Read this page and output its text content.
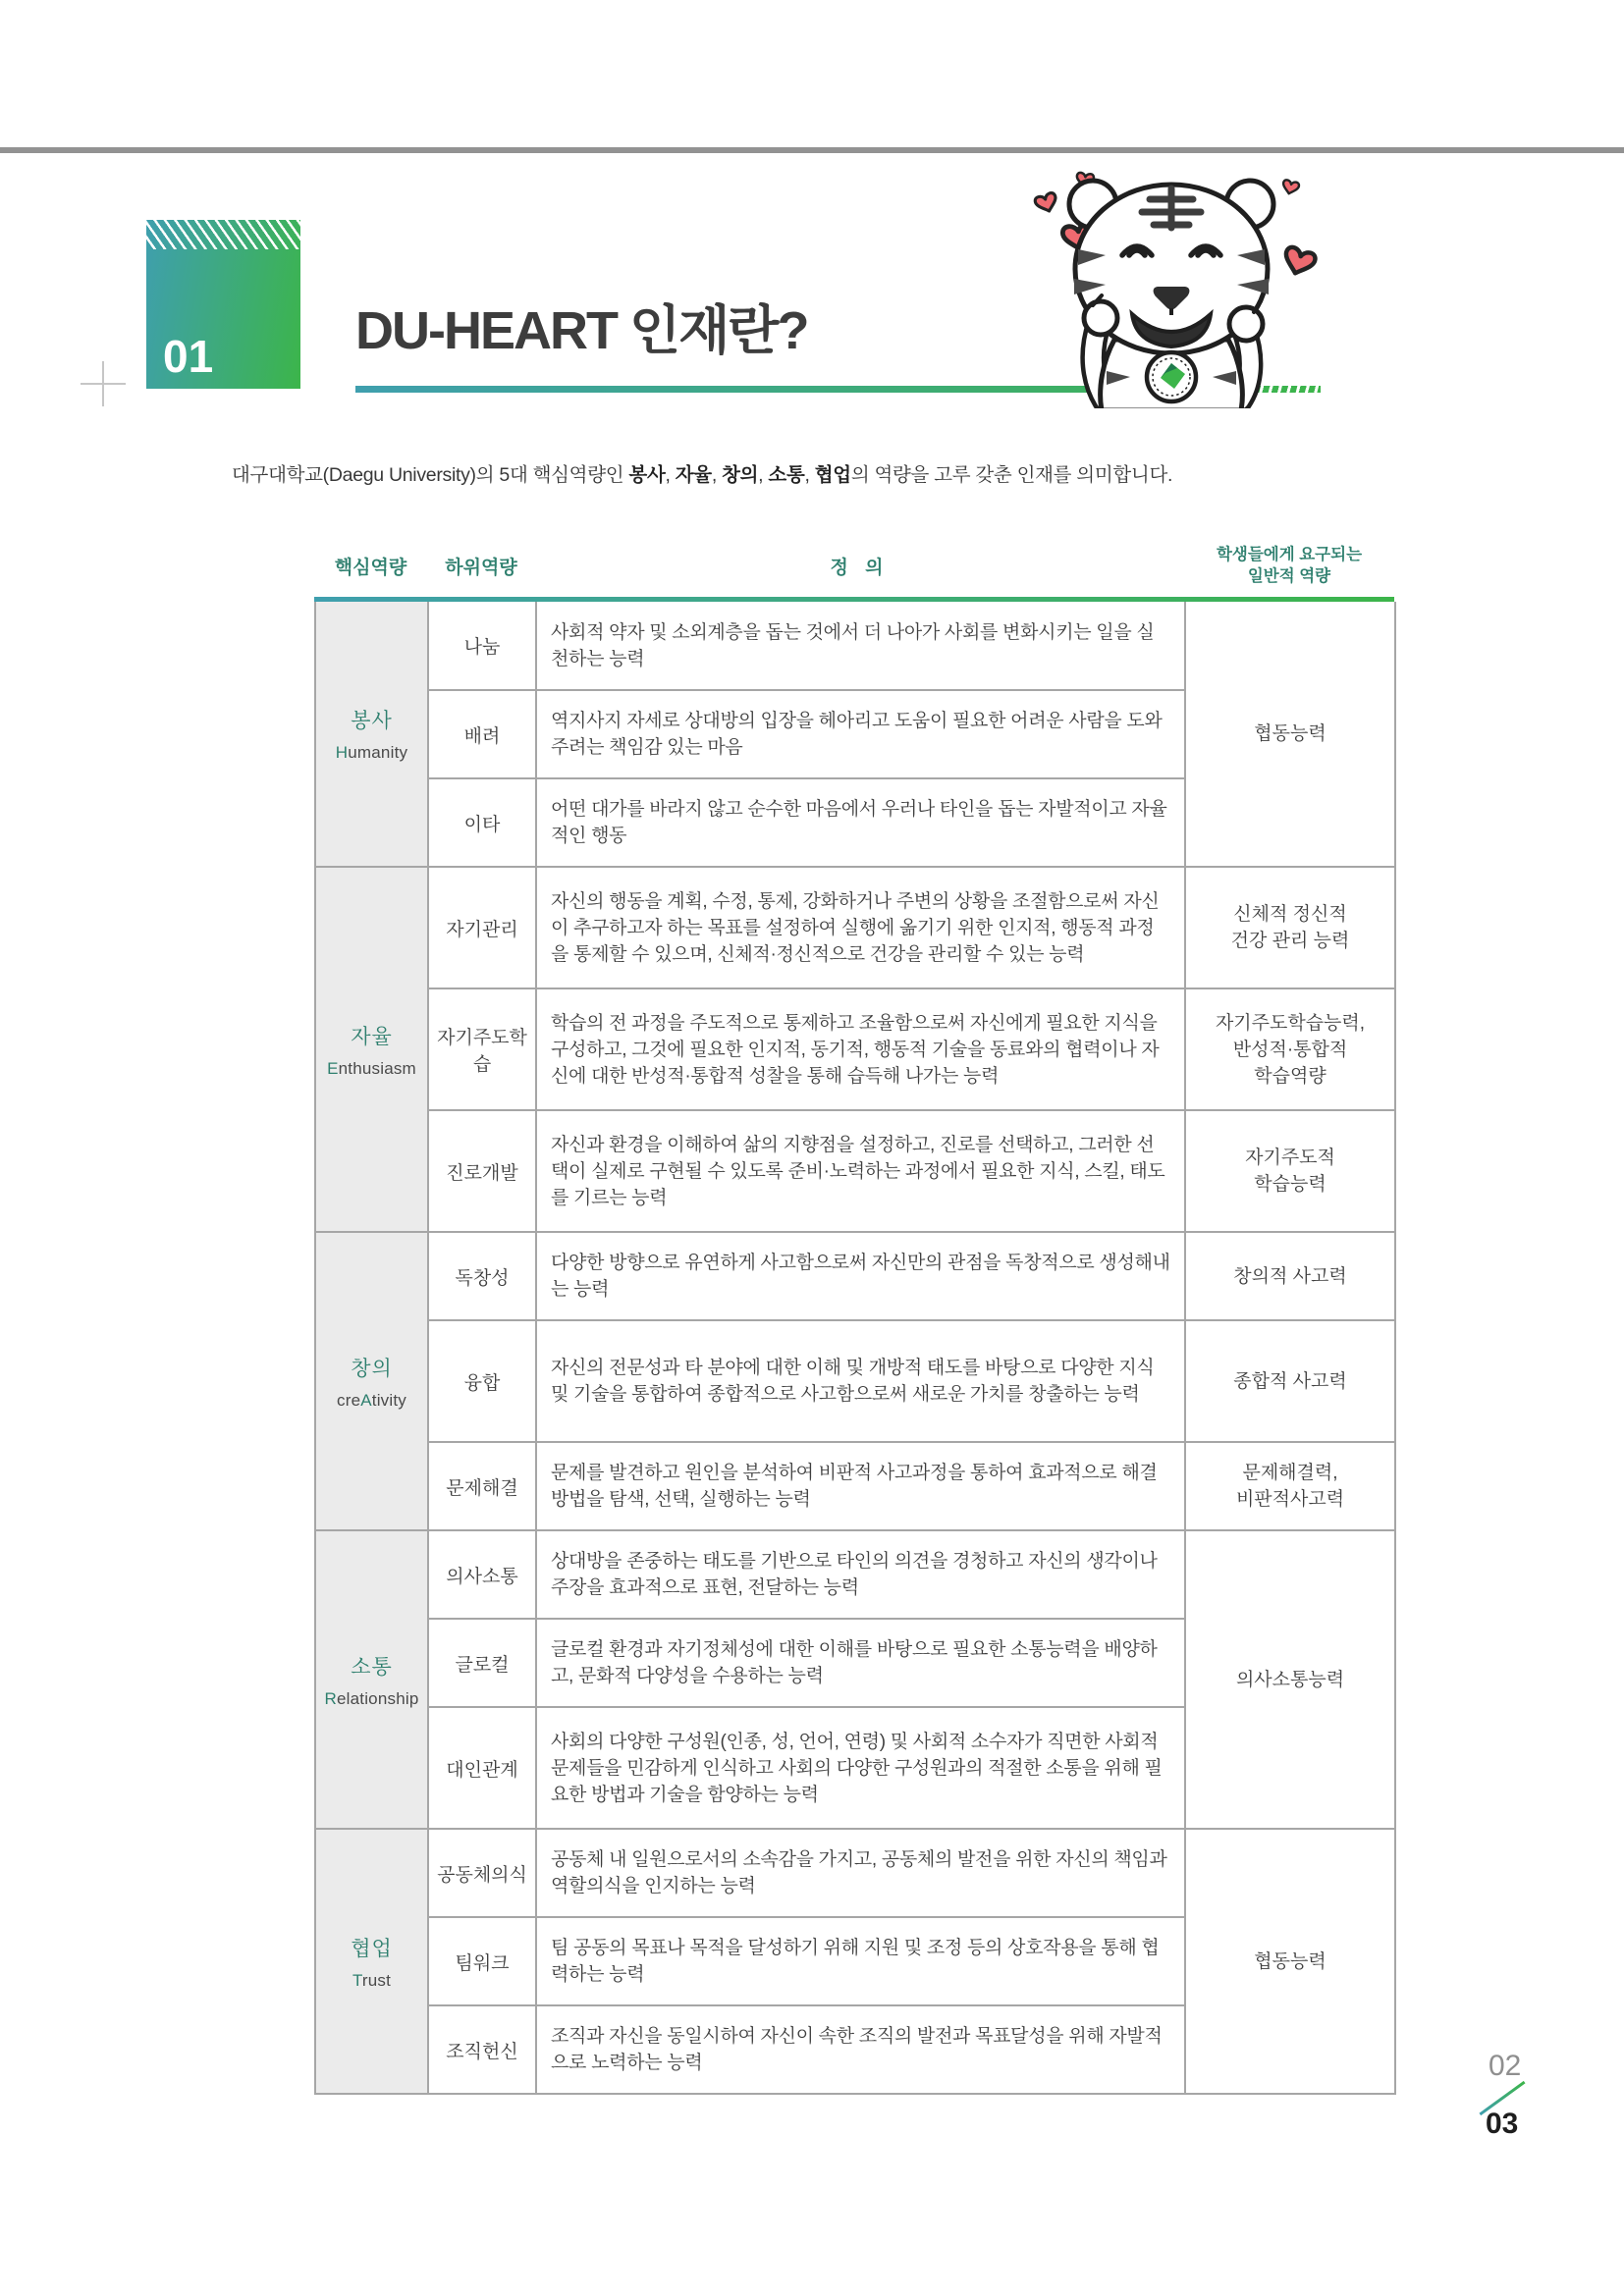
01	DU-HEART 인재란?
대구대학교(Daegu University)의 5대 핵심역량인 봉사, 자율, 창의, 소통, 협업의 역량을 고루 갖춘 인재를 의미합니다.
핵심역량	하위역량	정 의
학생들에게 요구되는
일반적 역량
봉사
Humanity	나눔	사회적 약자 및 소외계층을 돕는 것에서 더 나아가 사회를 변화시키는 일을 실천하는 능력	협동능력
	배려	역지사지 자세로 상대방의 입장을 헤아리고 도움이 필요한 어려운 사람을 도와주려는 책임감 있는 마음	
	이타	어떤 대가를 바라지 않고 순수한 마음에서 우러나 타인을 돕는 자발적이고 자율적인 행동	

자율
Enthusiasm
	자기관리	자신의 행동을 계획, 수정, 통제, 강화하거나 주변의 상황을 조절함으로써 자신이 추구하고자 하는 목표를 설정하여 실행에 옮기기 위한 인지적, 행동적 과정을 통제할 수 있으며, 신체적·정신적으로 건강을 관리할 수 있는 능력	신체적 정신적
건강 관리 능력
	자기주도학습	학습의 전 과정을 주도적으로 통제하고 조율함으로써 자신에게 필요한 지식을 구성하고, 그것에 필요한 인지적, 동기적, 행동적 기술을 동료와의 협력이나 자신에 대한 반성적·통합적 성찰을 통해 습득해 나가는 능력	자기주도학습능력,
반성적·통합적
학습역량
	진로개발	자신과 환경을 이해하여 삶의 지향점을 설정하고, 진로를 선택하고, 그러한 선택이 실제로 구현될 수 있도록 준비·노력하는 과정에서 필요한 지식, 스킬, 태도를 기르는 능력	자기주도적
학습능력

창의
creAtivity	독창성	다양한 방향으로 유연하게 사고함으로써 자신만의 관점을 독창적으로 생성해내는 능력	창의적 사고력
	융합	자신의 전문성과 타 분야에 대한 이해 및 개방적 태도를 바탕으로 다양한 지식 및 기술을 통합하여 종합적으로 사고함으로써 새로운 가치를 창출하는 능력	종합적 사고력
	문제해결	문제를 발견하고 원인을 분석하여 비판적 사고과정을 통하여 효과적으로 해결방법을 탐색, 선택, 실행하는 능력	문제해결력,
비판적사고력

소통
Relationship	의사소통	상대방을 존중하는 태도를 기반으로 타인의 의견을 경청하고 자신의 생각이나 주장을 효과적으로 표현, 전달하는 능력	의사소통능력
	글로컬	글로컬 환경과 자기정체성에 대한 이해를 바탕으로 필요한 소통능력을 배양하고, 문화적 다양성을 수용하는 능력	
	대인관계	사회의 다양한 구성원(인종, 성, 언어, 연령) 및 사회적 소수자가 직면한 사회적 문제들을 민감하게 인식하고 사회의 다양한 구성원과의 적절한 소통을 위해 필요한 방법과 기술을 함양하는 능력	

협업
Trust	공동체의식	공동체 내 일원으로서의 소속감을 가지고, 공동체의 발전을 위한 자신의 책임과 역할의식을 인지하는 능력	협동능력
	팀워크	팀 공동의 목표나 목적을 달성하기 위해 지원 및 조정 등의 상호작용을 통해 협력하는 능력	
	조직헌신	조직과 자신을 동일시하여 자신이 속한 조직의 발전과 목표달성을 위해 자발적으로 노력하는 능력		02
03
